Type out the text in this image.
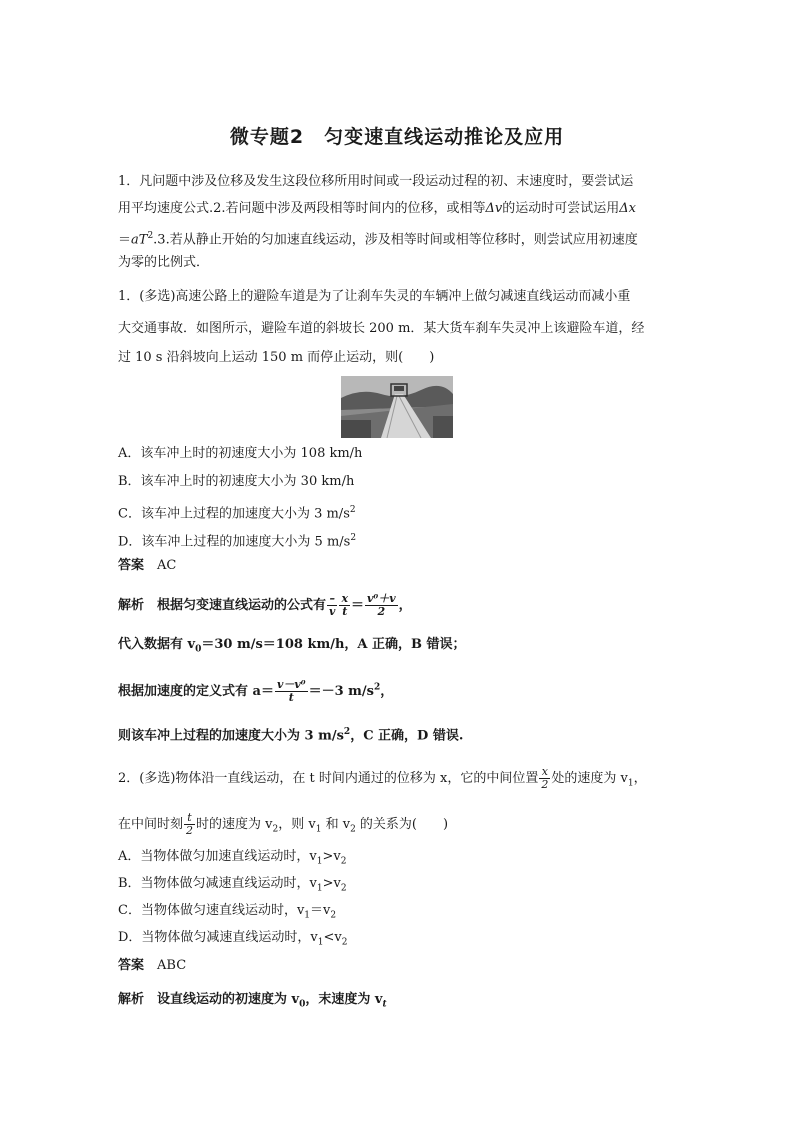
微专题2　匀变速直线运动推论及应用
1．凡问题中涉及位移及发生这段位移所用时间或一段运动过程的初、末速度时，要尝试运
用平均速度公式.2.若问题中涉及两段相等时间内的位移，或相等Δv的运动时可尝试运用Δx
$=aT^2.3$.若从静止开始的匀加速直线运动，涉及相等时间或相等位移时，则尝试应用初速度
为零的比例式．
1．(多选)高速公路上的避险车道是为了让刹车失灵的车辆冲上做匀减速直线运动而减小重
大交通事故．如图所示，避险车道的斜坡长 200 m．某大货车刹车失灵冲上该避险车道，经
过 10 s 沿斜坡向上运动 150 m 而停止运动，则(　　)
A．该车冲上时的初速度大小为 108 km/h
B．该车冲上时的初速度大小为 30 km/h
C．该车冲上过程的加速度大小为 3 $m/s^2$
D．该车冲上过程的加速度大小为 5 $m/s^2$
答案　 AC
解析　 根据匀变速直线运动的公式有 $\frac{-}{v} \frac{x}{t} = \frac{\text{v⁰＋v}}{2}$ ，
代入数据有 $v_0=30$ m/s＝108 km/h，A 正确，B 错误；
根据加速度的定义式有 $a= \frac{\text{v－v⁰}}{t} =-3$ $m/s^2$，
则该车冲上过程的加速度大小为 3 $m/s^2$，C 正确，D 错误.
2．(多选)物体沿一直线运动，在 t 时间内通过的位移为 x，它的中间位置 $\frac{x}{2}$ 处的速度为 $v_1$，
在中间时刻 $\frac{t}{2}$ 时的速度为 $v_2$，则 $v_1$ 和 $v_2$ 的关系为(　　)
A．当物体做匀加速直线运动时，$v_1>v_2$
B．当物体做匀减速直线运动时，$v_1>v_2$
C．当物体做匀速直线运动时，$v_1=v_2$
D．当物体做匀减速直线运动时，$v_1<v_2$
答案　 ABC
解析　 设直线运动的初速度为 $v_0$，末速度为 $v_t$
